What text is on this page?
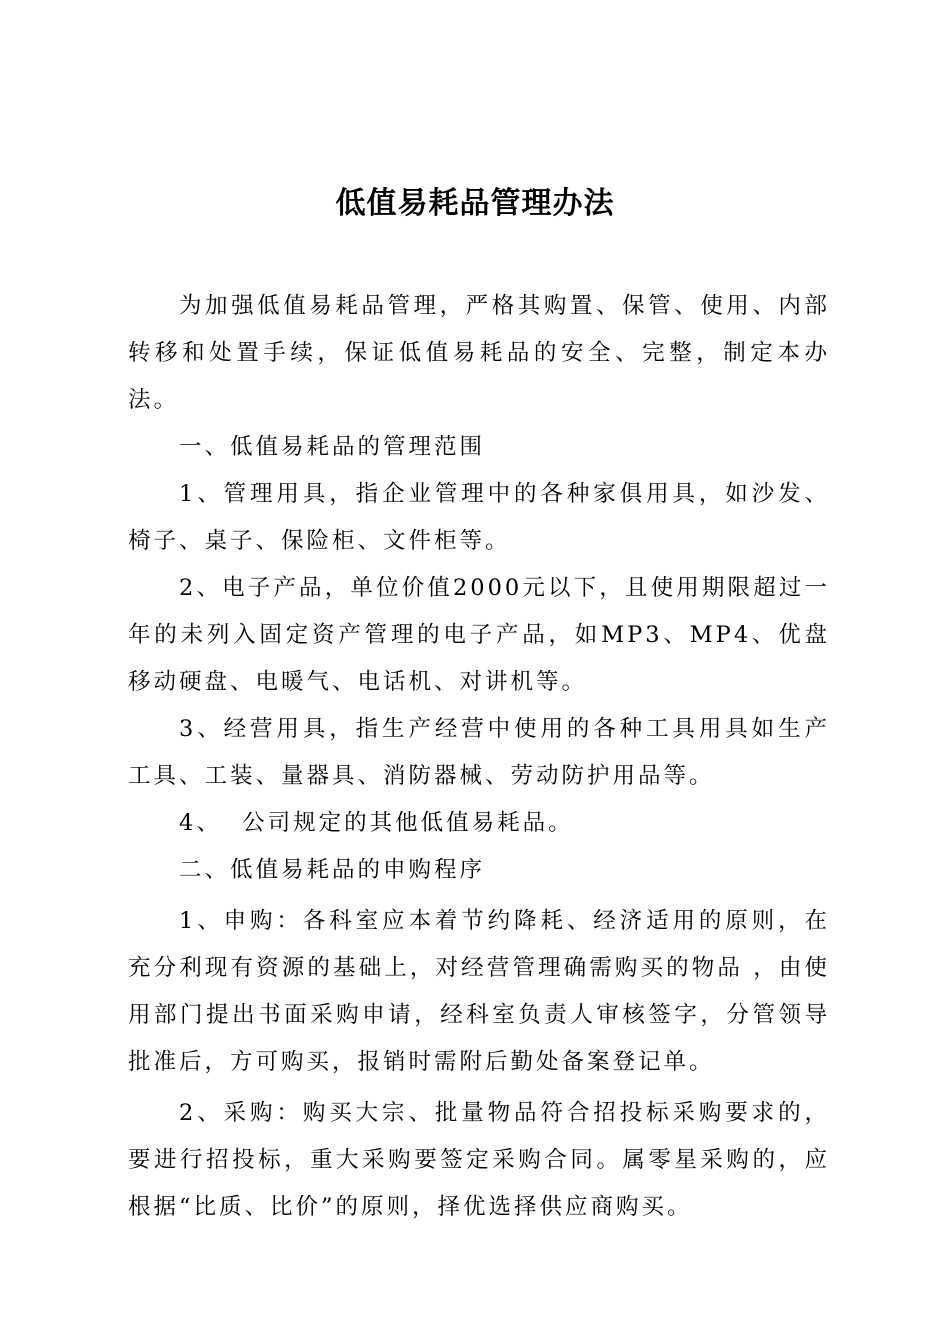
低值易耗品管理办法

为加强低值易耗品管理，严格其购置、保管、使用、内部转移和处置手续，保证低值易耗品的安全、完整，制定本办法。

一、低值易耗品的管理范围

1、管理用具，指企业管理中的各种家俱用具，如沙发、椅子、桌子、保险柜、文件柜等。

2、电子产品，单位价值2000元以下，且使用期限超过一年的未列入固定资产管理的电子产品，如MP3、MP4、优盘移动硬盘、电暖气、电话机、对讲机等。

3、经营用具，指生产经营中使用的各种工具用具如生产工具、工装、量器具、消防器械、劳动防护用品等。

4、  公司规定的其他低值易耗品。

二、低值易耗品的申购程序

1、申购：各科室应本着节约降耗、经济适用的原则，在充分利现有资源的基础上，对经营管理确需购买的物品 ，由使用部门提出书面采购申请，经科室负责人审核签字，分管领导批准后，方可购买，报销时需附后勤处备案登记单。

2、采购：购买大宗、批量物品符合招投标采购要求的，要进行招投标，重大采购要签定采购合同。属零星采购的，应根据“比质、比价”的原则，择优选择供应商购买。
